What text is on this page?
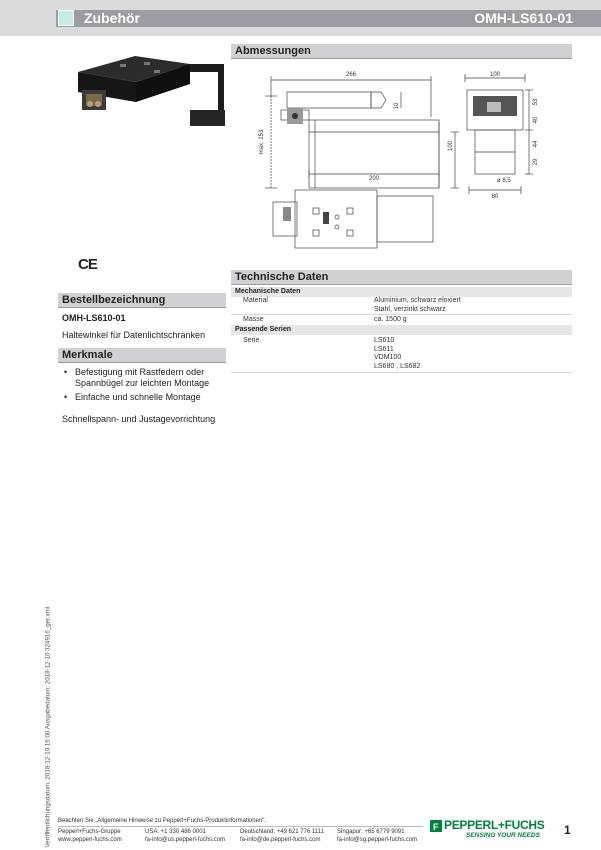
Zubehör	OMH-LS610-01
CE
Abmessungen
266
max. 153
10
100
200
100
80
53
40
44
29
ø 8,5
Technische Daten
Mechanische Daten
Material	Aluminium, schwarz eloxiert
Stahl, verzinkt schwarz
Masse	ca. 1500 g
Passende Serien
Serie	LS610
LS611
VDM100
LS680 , LS682
Bestellbezeichnung
OMH-LS610-01
Haltewinkel für Datenlichtschranken
Merkmale
• Befestigung mit Rastfedern oder
Spannbügel zur leichten Montage
• Einfache und schnelle Montage
Schnellspann- und Justagevorrichtung
Veröffentlichungsdatum: 2018-12-10 16:00 Ausgabedatum: 2018-12-10 324916_ger.xml Beachten Sie „Allgemeine Hinweise zu Pepperl+Fuchs-Produktinformationen".
Pepperl+Fuchs-Gruppe
www.pepperl-fuchs.com
USA: +1 330 486 0001
fa-info@us.pepperl-fuchs.com
Deutschland: +49 621 776 1111
fa-info@de.pepperl-fuchs.com
Singapur: +65 6779 9091
fa-info@sg.pepperl-fuchs.com
F PEPPERL+FUCHS
SENSING YOUR NEEDS 1
